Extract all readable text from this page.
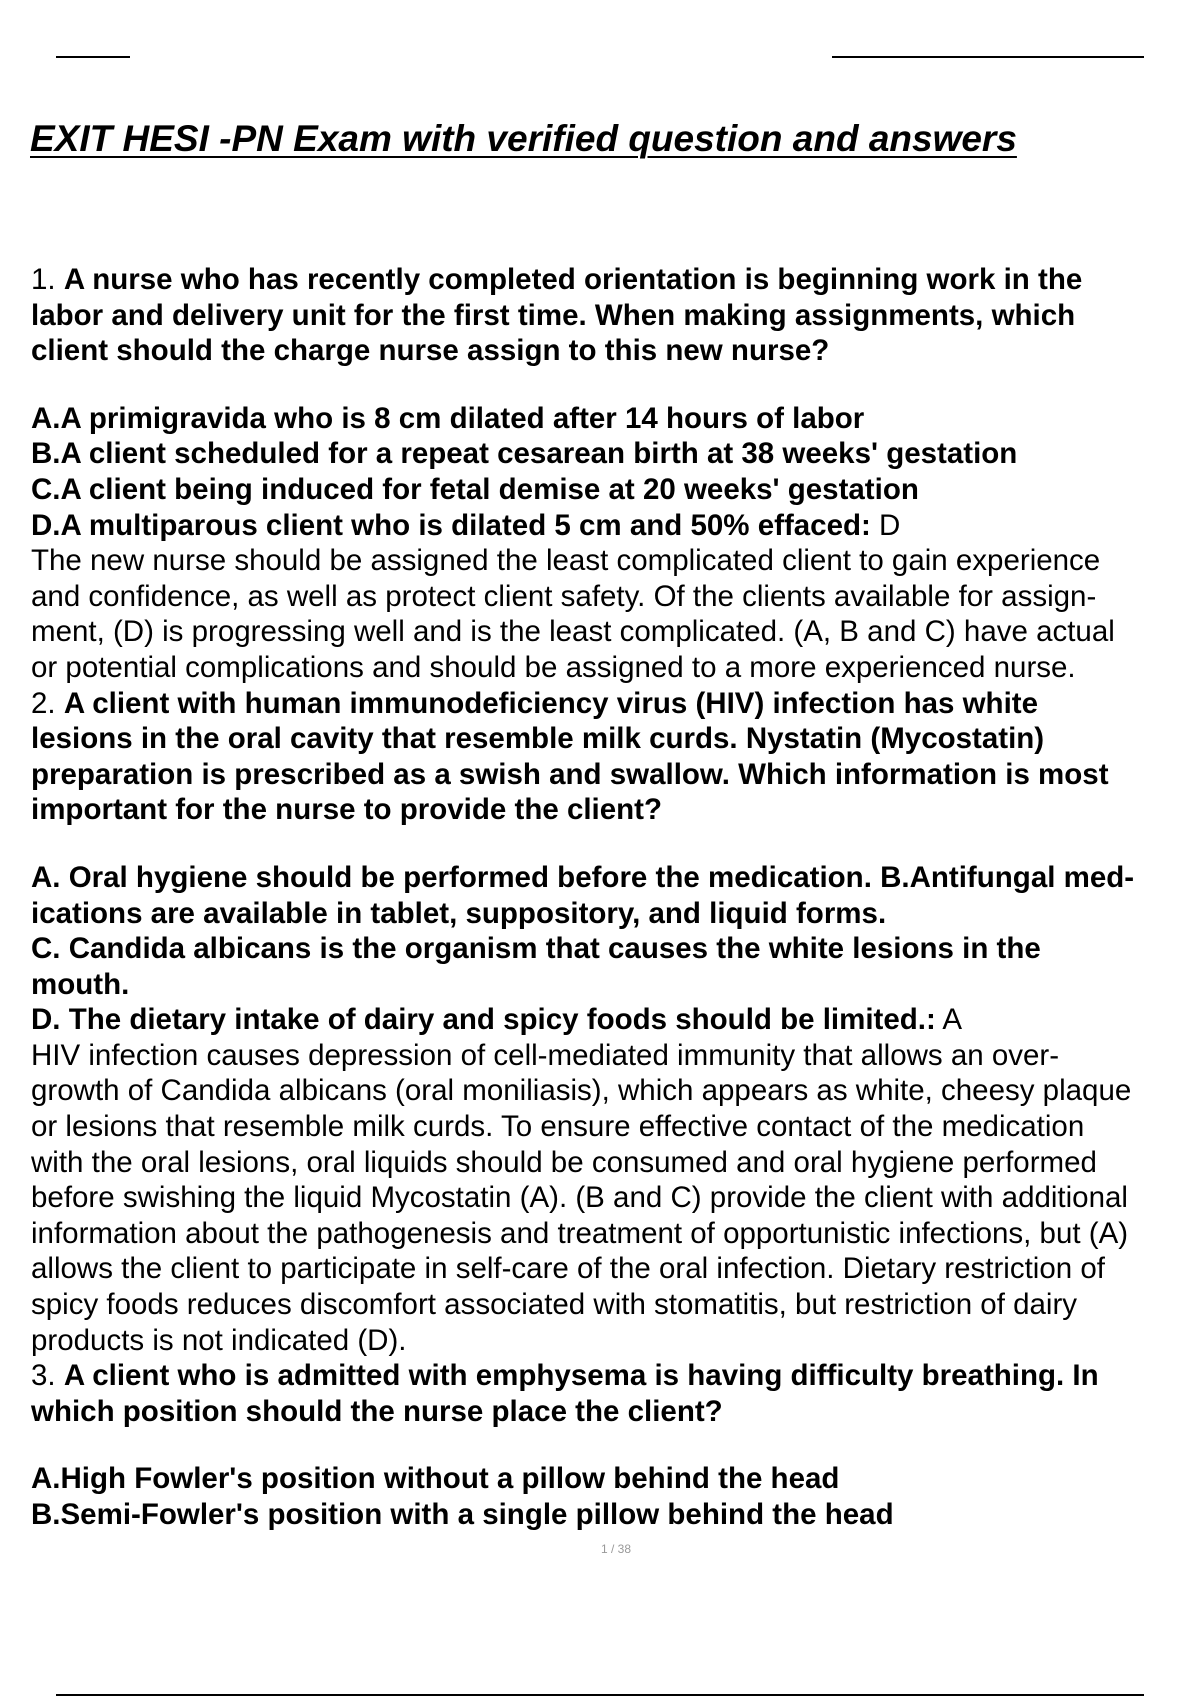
EXIT HESI -PN Exam with verified question and answers

1. A nurse who has recently completed orientation is beginning work in the

labor and delivery unit for the first time. When making assignments, which

client should the charge nurse assign to this new nurse?

A.A primigravida who is 8 cm dilated after 14 hours of labor

B.A client scheduled for a repeat cesarean birth at 38 weeks' gestation

C.A client being induced for fetal demise at 20 weeks' gestation

D.A multiparous client who is dilated 5 cm and 50% effaced: D

The new nurse should be assigned the least complicated client to gain experience

and confidence, as well as protect client safety. Of the clients available for assign-

ment, (D) is progressing well and is the least complicated. (A, B and C) have actual

or potential complications and should be assigned to a more experienced nurse.

2. A client with human immunodeficiency virus (HIV) infection has white

lesions in the oral cavity that resemble milk curds. Nystatin (Mycostatin)

preparation is prescribed as a swish and swallow. Which information is most

important for the nurse to provide the client?

A. Oral hygiene should be performed before the medication. B.Antifungal med-

ications are available in tablet, suppository, and liquid forms.

C. Candida albicans is the organism that causes the white lesions in the

mouth.

D. The dietary intake of dairy and spicy foods should be limited.: A

HIV infection causes depression of cell-mediated immunity that allows an over-

growth of Candida albicans (oral moniliasis), which appears as white, cheesy plaque

or lesions that resemble milk curds. To ensure effective contact of the medication

with the oral lesions, oral liquids should be consumed and oral hygiene performed

before swishing the liquid Mycostatin (A). (B and C) provide the client with additional

information about the pathogenesis and treatment of opportunistic infections, but (A)

allows the client to participate in self-care of the oral infection. Dietary restriction of

spicy foods reduces discomfort associated with stomatitis, but restriction of dairy

products is not indicated (D).

3. A client who is admitted with emphysema is having difficulty breathing. In

which position should the nurse place the client?

A.High Fowler's position without a pillow behind the head

B.Semi-Fowler's position with a single pillow behind the head

1 / 38
